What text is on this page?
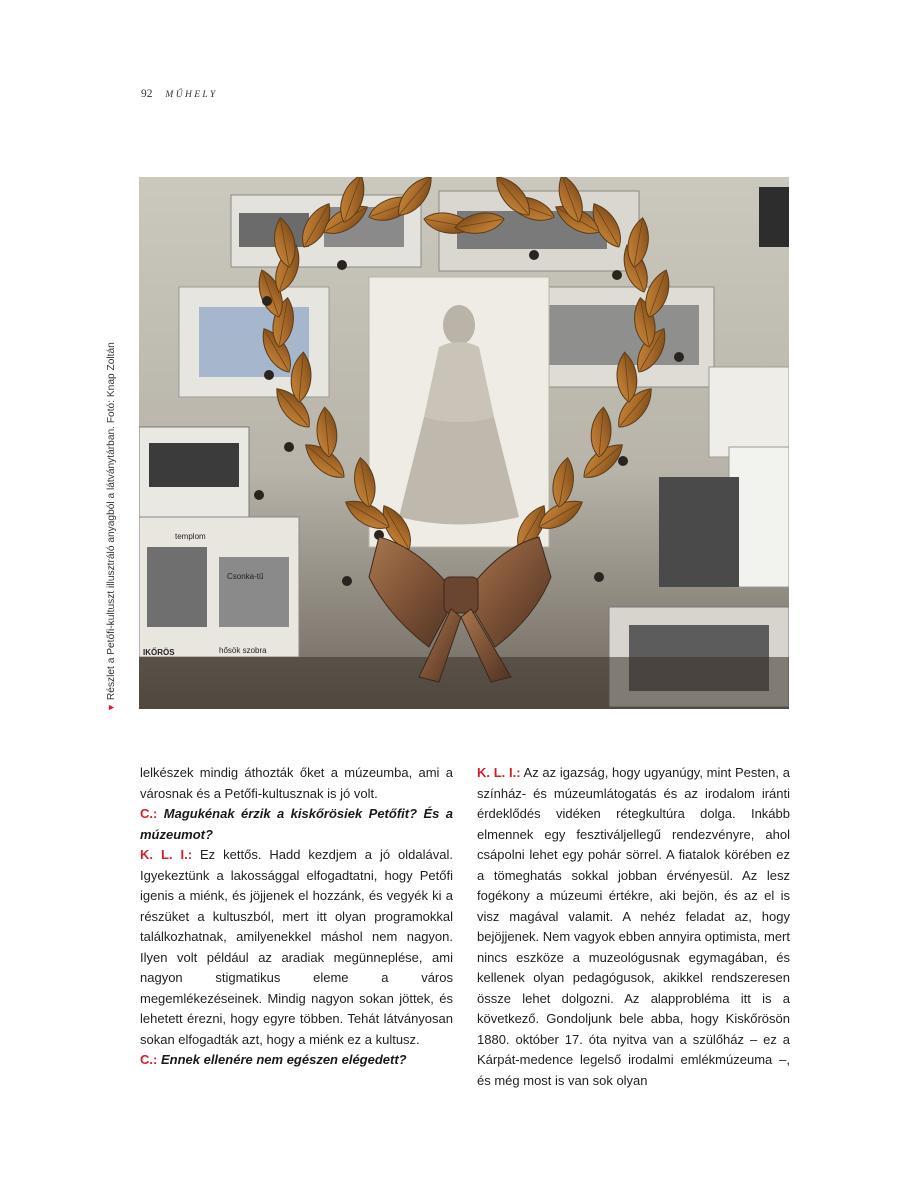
92 MŰHELY
templom
Csonka-tű
IKŐRÖS	hősök szobra
▼Részlet a Petőfi-kultuszt illusztráló anyagból a látványtárban. Fotó: Knap Zoltán

lelkészek mindig áthozták őket a múzeumba, ami a városnak és a Petőfi-kultusznak is jó volt.

C.: Magukénak érzik a kiskőrösiek Petőfit? És a múzeumot?

K. L. I.: Ez kettős. Hadd kezdjem a jó oldalával. Igyekeztünk a lakossággal elfogadtatni, hogy Petőfi igenis a miénk, és jöjjenek el hozzánk, és vegyék ki a részüket a kultuszból, mert itt olyan programokkal találkozhatnak, amilyenekkel máshol nem nagyon. Ilyen volt például az aradiak megünneplése, ami nagyon stigmatikus eleme a város megemlékezéseinek. Mindig nagyon sokan jöttek, és lehetett érezni, hogy egyre többen. Tehát látványosan sokan elfogadták azt, hogy a miénk ez a kultusz.

C.: Ennek ellenére nem egészen elégedett?

K. L. I.: Az az igazság, hogy ugyanúgy, mint Pesten, a színház- és múzeumlátogatás és az irodalom iránti érdeklődés vidéken rétegkultúra dolga. Inkább elmennek egy fesztiváljellegű rendezvényre, ahol csápolni lehet egy pohár sörrel. A fiatalok körében ez a tömeghatás sokkal jobban érvényesül. Az lesz fogékony a múzeumi értékre, aki bejön, és az el is visz magával valamit. A nehéz feladat az, hogy bejöjjenek. Nem vagyok ebben annyira optimista, mert nincs eszköze a muzeológusnak egymagában, és kellenek olyan pedagógusok, akikkel rendszeresen össze lehet dolgozni. Az alapprobléma itt is a következő. Gondoljunk bele abba, hogy Kiskőrösön 1880. október 17. óta nyitva van a szülőház – ez a Kárpát-medence legelső irodalmi emlékmúzeuma –, és még most is van sok olyan
